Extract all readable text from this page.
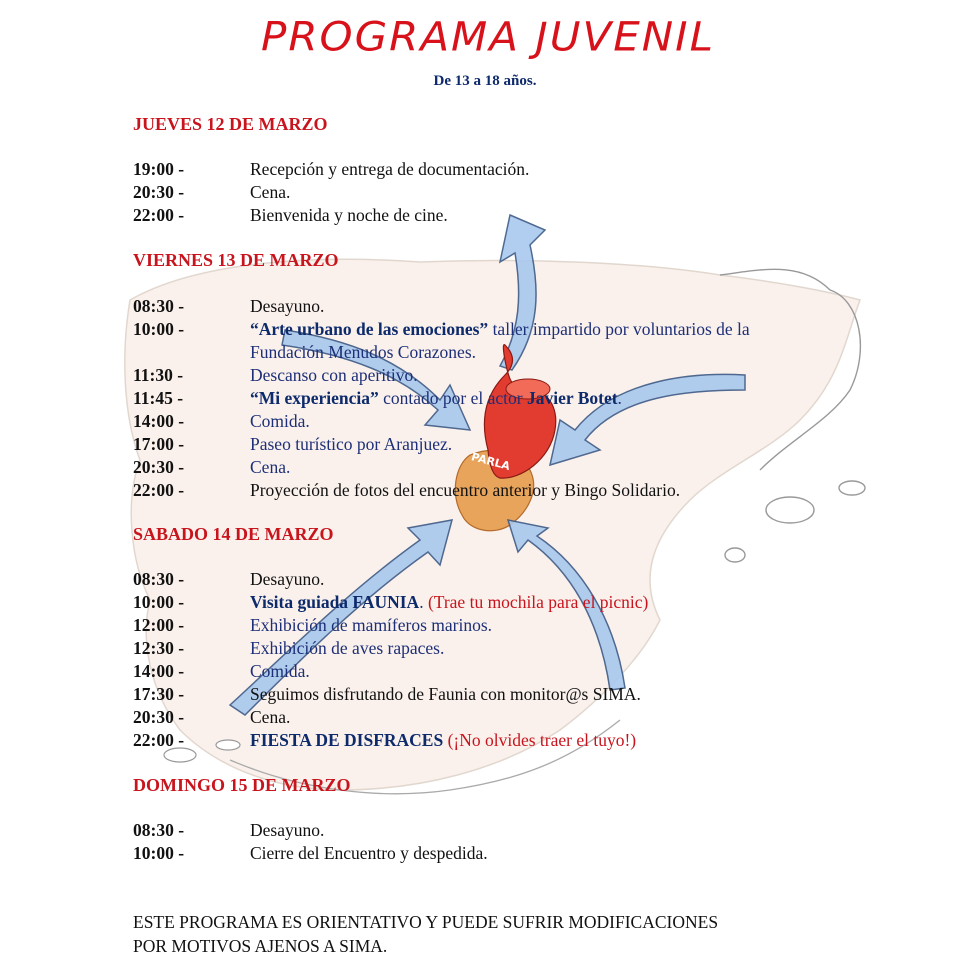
PARLA
PROGRAMA JUVENIL
De 13 a 18 años.
JUEVES 12 DE MARZO
19:00 -	Recepción y entrega de documentación.
20:30 -	Cena.
22:00 -	Bienvenida y noche de cine.
VIERNES 13 DE MARZO
08:30 -	Desayuno.
10:00 -	“Arte urbano de las emociones” taller impartido por voluntarios de la
Fundación Menudos Corazones.
11:30 -	Descanso con aperitivo.
11:45 -	“Mi experiencia” contado por el actor Javier Botet.
14:00 -	Comida.
17:00 -	Paseo turístico por Aranjuez.
20:30 -	Cena.
22:00 -	Proyección de fotos del encuentro anterior y Bingo Solidario.
SABADO 14 DE MARZO
08:30 -	Desayuno.
10:00 -	Visita guiada FAUNIA. (Trae tu mochila para el picnic)
12:00 -	Exhibición de mamíferos marinos.
12:30 -	Exhibición de aves rapaces.
14:00 -	Comida.
17:30 -	Seguimos disfrutando de Faunia con monitor@s SIMA.
20:30 -	Cena.
22:00 -	FIESTA DE DISFRACES (¡No olvides traer el tuyo!)
DOMINGO 15 DE MARZO
08:30 -	Desayuno.
10:00 -	Cierre del Encuentro y despedida.
ESTE PROGRAMA ES ORIENTATIVO Y PUEDE SUFRIR MODIFICACIONES
POR MOTIVOS AJENOS A SIMA.
